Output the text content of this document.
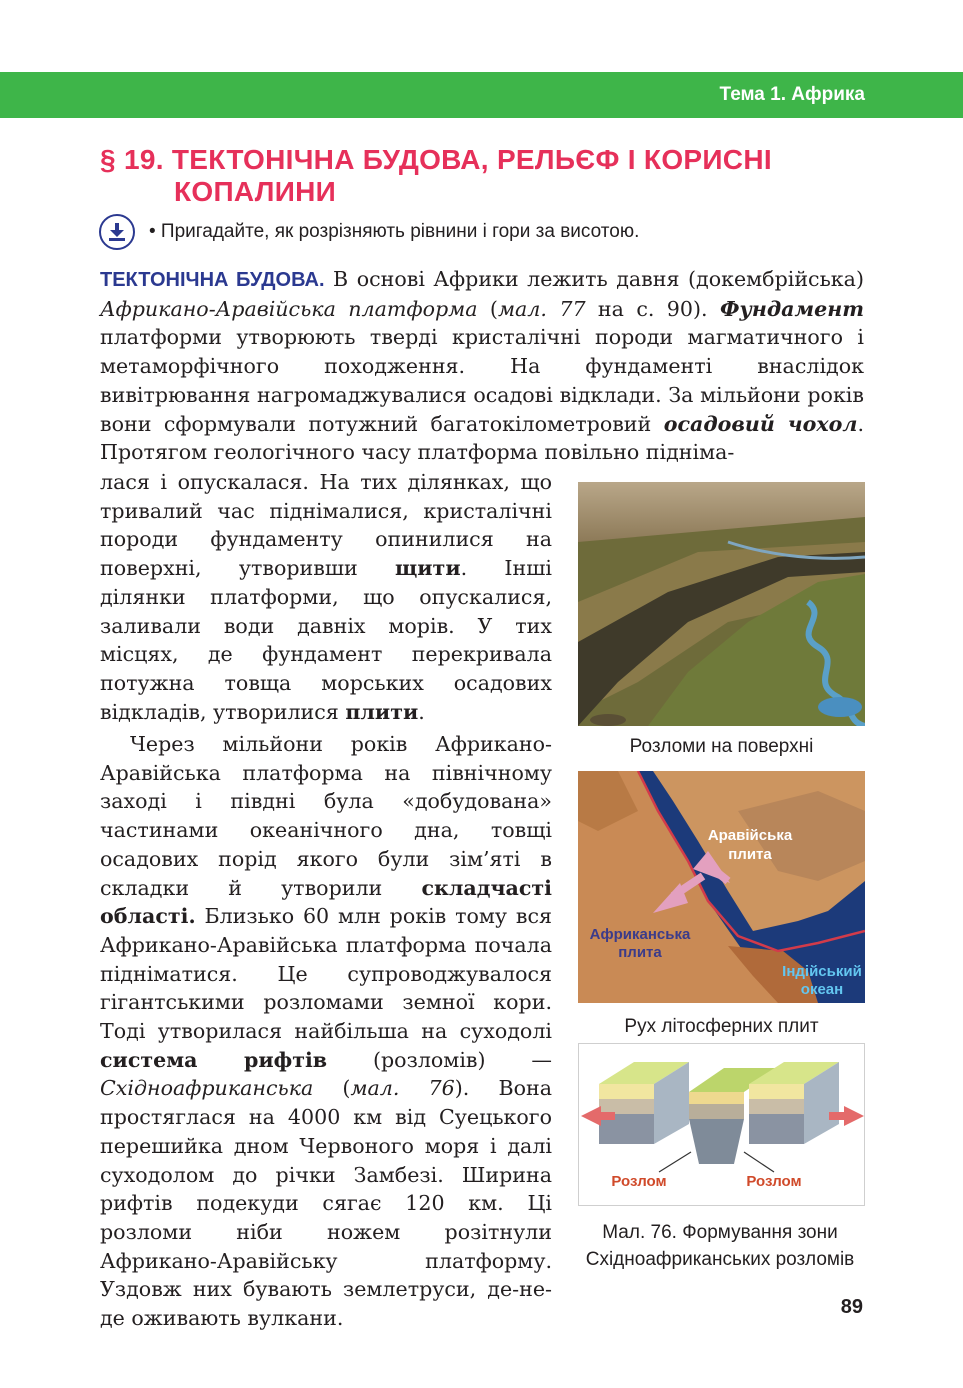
Тема 1. Африка
§ 19. ТЕКТОНІЧНА БУДОВА, РЕЛЬЄФ І КОРИСНІ
КОПАЛИНИ
• Пригадайте, як розрізняють рівнини і гори за висотою.

ТЕКТОНІЧНА БУДОВА. В основі Африки лежить давня (докембрійська) Африкано-Аравійська платформа (мал. 77 на с. 90). Фундамент платформи утворюють тверді кристалічні породи магматичного і метаморфічного походження. На фундаменті внаслідок вивітрювання нагромаджувалися осадові відклади. За мільйони років вони сформували потужний багатокілометровий осадовий чохол. Протягом геологічного часу платформа повільно підніма-

лася і опускалася. На тих ділянках, що тривалий час піднімалися, кристалічні породи фундаменту опинилися на поверхні, утворивши щити. Інші ділянки платформи, що опускалися, заливали води давніх морів. У тих місцях, де фундамент перекривала потужна товща морських осадових відкладів, утворилися плити.

Через мільйони років Африкано-Аравійська платформа на північному заході і півдні була «добудована» частинами океанічного дна, товщі осадових порід якого були зім’яті в складки й утворили складчасті області. Близько 60 млн років тому вся Африкано-Аравійська платформа почала підніматися. Це супроводжувалося гігантськими розломами земної кори. Тоді утворилася найбільша на суходолі система рифтів (розломів) — Східноафриканська (мал. 76). Вона простяглася на 4000 км від Суецького перешийка дном Червоного моря і далі суходолом до річки Замбезі. Ширина рифтів подекуди сягає 120 км. Ці розломи ніби ножем розітнули Африкано-Аравійську платформу. Уздовж них бувають землетруси, де-не-де оживають вулкани.

Розломи на поверхні
Аравійська
плита
Африканська
плита
Індійський
океан
Рух літосферних плит
Розлом	Розлом
Мал. 76. Формування зони
Східноафриканських розломів
89
